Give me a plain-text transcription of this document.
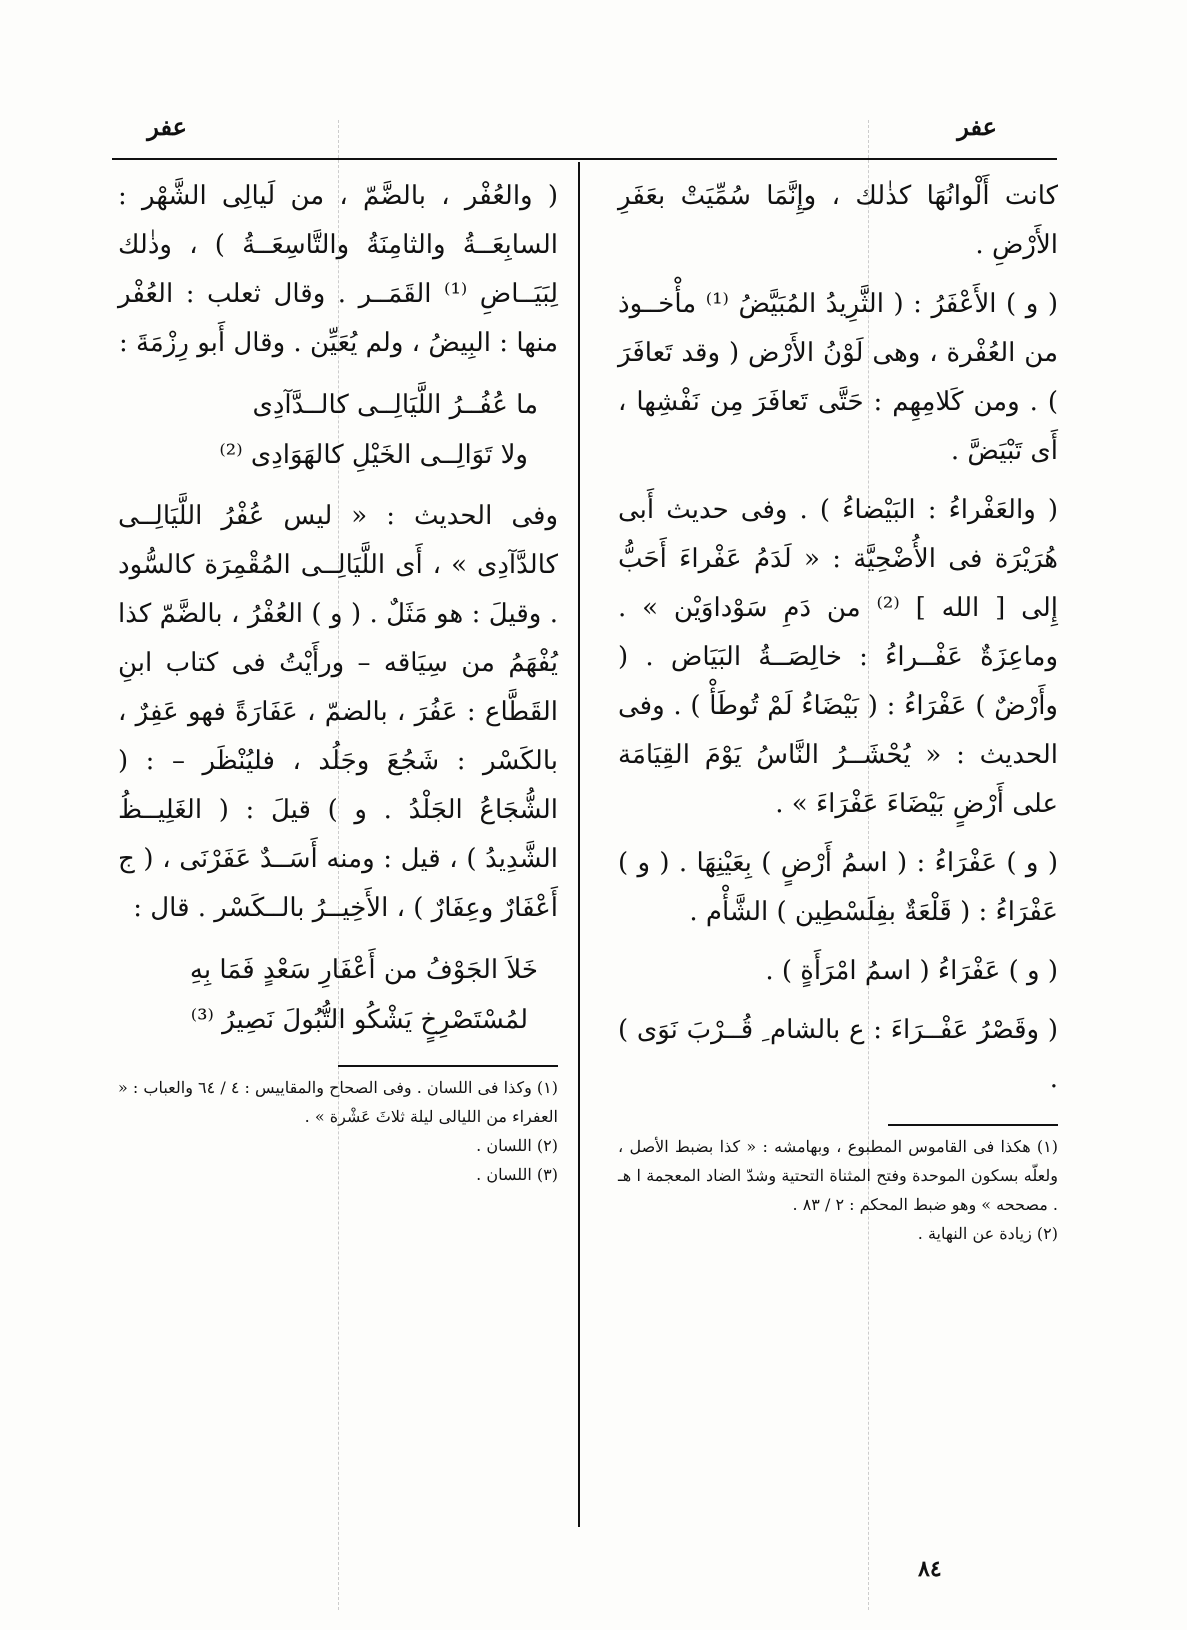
عفر
عفر

كانت أَلْوانُهَا كذٰلك ، وإِنَّمَا سُمِّيَتْ بعَفَرِ الأَرْضِ .

( و ) الأَعْفَرُ : ( الثَّرِيدُ المُبَيَّضُ ⁽¹⁾ مأْخــوذ من العُفْرة ، وهى لَوْنُ الأَرْض ( وقد تَعافَرَ ) . ومن كَلامِهِم : حَتَّى تَعافَرَ مِن نَفْشِها ، أَى تَبْيَضَّ .

( والعَفْراءُ : البَيْضاءُ ) . وفى حديث أَبى هُرَيْرَة فى الأُضْحِيَّة : « لَدَمُ عَفْراءَ أَحَبُّ إِلى [ الله ] ⁽²⁾ من دَمِ سَوْداوَيْن » . وماعِزَةٌ عَفْــراءُ : خالِصَــةُ البَيَاض . ( وأَرْضٌ ) عَفْرَاءُ : ( بَيْضَاءُ لَمْ تُوطَأْ ) . وفى الحديث : « يُحْشَــرُ النَّاسُ يَوْمَ القِيَامَة على أَرْضٍ بَيْضَاءَ عَفْرَاءَ » .

( و ) عَفْرَاءُ : ( اسمُ أَرْضٍ ) بِعَيْنِهَا . ( و ) عَفْرَاءُ : ( قَلْعَةٌ بفِلَسْطِين ) الشَّأْم .

( و ) عَفْرَاءُ ( اسمُ امْرَأَةٍ ) .

( وقَصْرُ عَفْــرَاءَ : ع بالشام ِ قُــرْبَ نَوَى ) .

(١) هكذا فى القاموس المطبوع ، وبهامشه : « كذا بضبط الأصل ، ولعلّه بسكون الموحدة وفتح المثناة التحتية وشدّ الضاد المعجمة ا هـ . مصححه » وهو ضبط المحكم : ٢ / ٨٣ .
(٢) زيادة عن النهاية .

( والعُفْر ، بالضَّمّ ، من لَيالِى الشَّهْر : السابِعَــةُ والثامِنَةُ والتَّاسِعَــةُ ) ، وذٰلك لِبَيَــاضِ ⁽¹⁾ القَمَــر . وقال ثعلب : العُفْر منها : البِيضُ ، ولم يُعَيِّن . وقال أَبو رِزْمَةَ :

ما عُفُــرُ اللَّيَالِــى كالــدَّآدِى
ولا تَوَالِــى الخَيْلِ كالهَوَادِى ⁽²⁾

وفى الحديث : « ليس عُفْرُ اللَّيَالِــى كالدَّآدِى » ، أَى اللَّيَالِــى المُقْمِرَة كالسُّود . وقيلَ : هو مَثَلٌ . ( و ) العُفْرُ ، بالضَّمّ كذا يُفْهَمُ من سِيَاقه – ورأَيْتُ فى كتاب ابنِ القَطَّاع : عَفُرَ ، بالضمّ ، عَفَارَةً فهو عَفِرٌ ، بالكَسْر : شَجُعَ وجَلُد ، فليُنْظَر – : ( الشُّجَاعُ الجَلْدُ . و ) قيلَ : ( الغَلِيــظُ الشَّدِيدُ ) ، قيل : ومنه أَسَــدٌ عَفَرْنَى ، ( ج أَعْفَارٌ وعِفَارٌ ) ، الأَخِيــرُ بالــكَسْر . قال :

خَلاَ الجَوْفُ من أَعْفَارِ سَعْدٍ فَمَا بِهِ
لمُسْتَصْرِخٍ يَشْكُو التُّبُولَ نَصِيرُ ⁽³⁾
(١) وكذا فى اللسان . وفى الصحاح والمقاييس : ٤ / ٦٤ والعباب : « العفراء من الليالى ليلة ثلاثَ عَشْرة » .
(٢) اللسان .
(٣) اللسان .
٨٤
